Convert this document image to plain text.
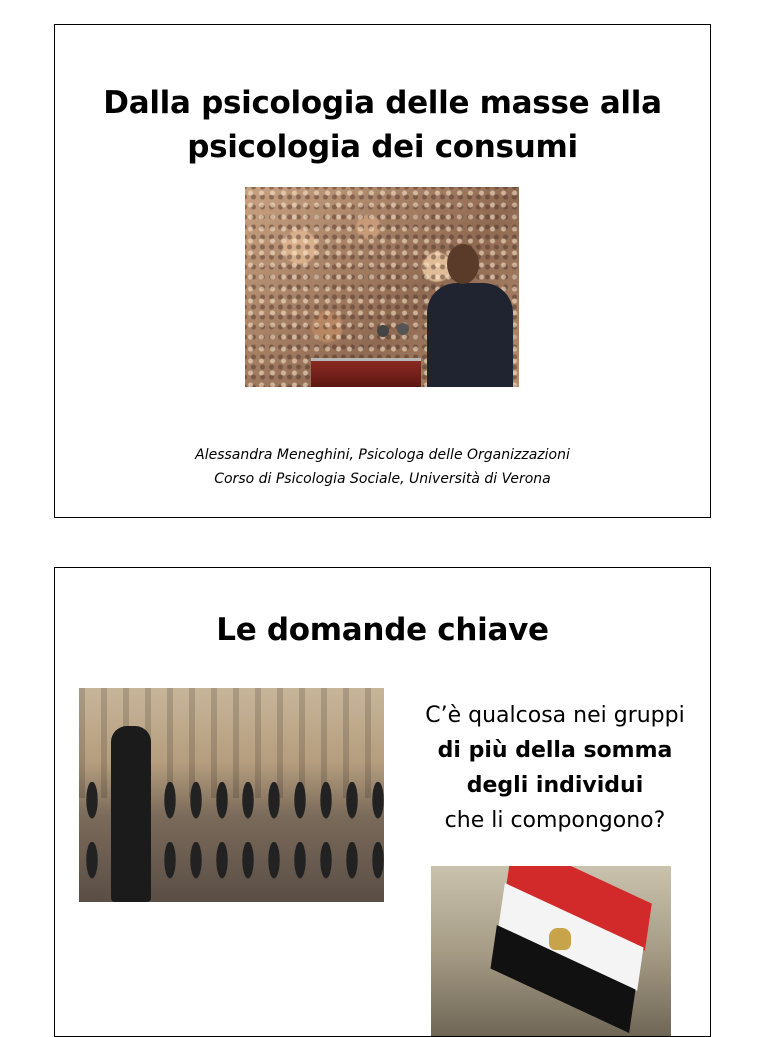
Dalla psicologia delle masse alla
psicologia dei consumi
Alessandra Meneghini, Psicologa delle Organizzazioni
Corso di Psicologia Sociale, Università di Verona
Le domande chiave
C’è qualcosa nei gruppi
di più della somma
degli individui
che li compongono?
